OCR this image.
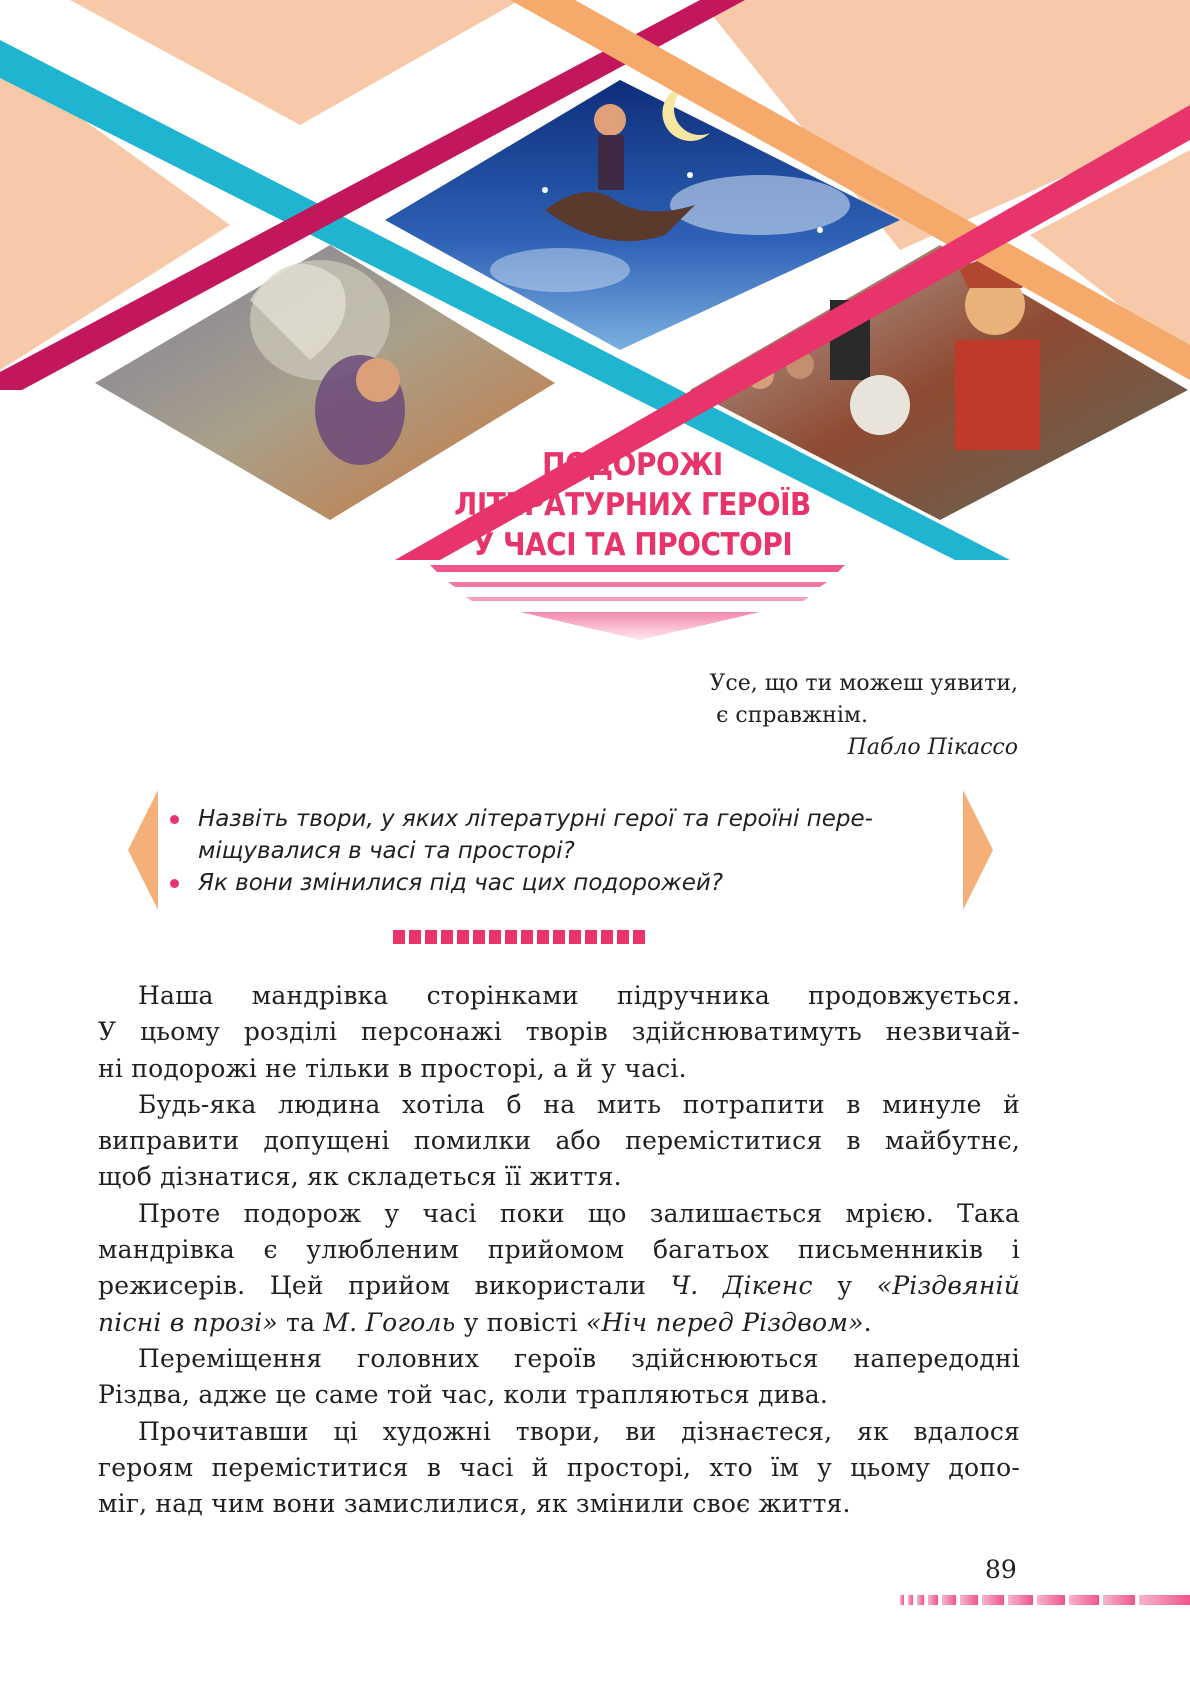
ПОДОРОЖІ
ЛІТЕРАТУРНИХ ГЕРОЇВ
У ЧАСІ ТА ПРОСТОРІ
Усе, що ти можеш уявити,
є справжнім.
Пабло Пікассо
Назвіть твори, у яких літературні герої та героїні пере-
міщувалися в часі та просторі?
Як вони змінилися під час цих подорожей?

Наша мандрівка сторінками підручника продовжується.
У цьому розділі персонажі творів здійснюватимуть незвичай-
ні подорожі не тільки в просторі, а й у часі.

Будь-яка людина хотіла б на мить потрапити в минуле й
виправити допущені помилки або переміститися в майбутнє,
щоб дізнатися, як складеться її життя.

Проте подорож у часі поки що залишається мрією. Така
мандрівка є улюбленим прийомом багатьох письменників і
режисерів. Цей прийом використали Ч. Дікенс у «Різдвяній
пісні в прозі» та М. Гоголь у повісті «Ніч перед Різдвом».

Переміщення головних героїв здійснюються напередодні
Різдва, адже це саме той час, коли трапляються дива.

Прочитавши ці художні твори, ви дізнаєтеся, як вдалося
героям переміститися в часі й просторі, хто їм у цьому допо-
міг, над чим вони замислилися, як змінили своє життя.

89
